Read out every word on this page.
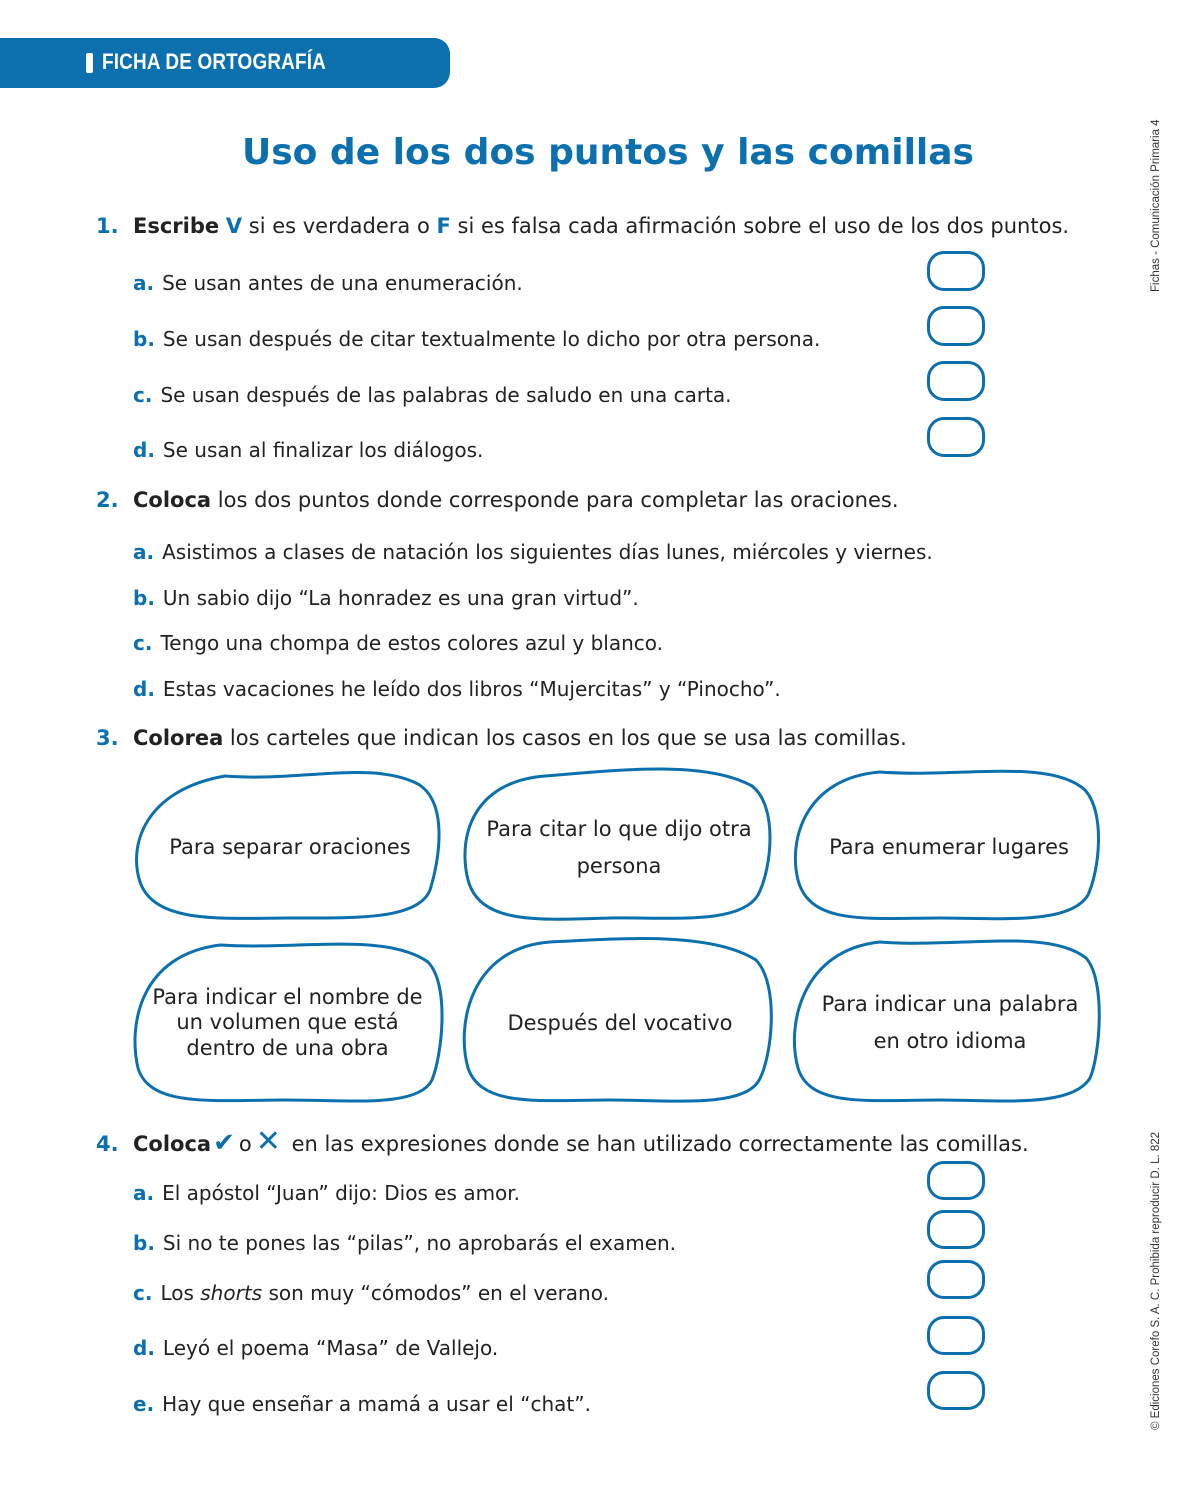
FICHA DE ORTOGRAFÍA
Uso de los dos puntos y las comillas	Fichas - Comunicación Primaria 4
© Ediciones Corefo S. A. C. Prohibida reproducir D. L. 822
1. Escribe V si es verdadera o F si es falsa cada afirmación sobre el uso de los dos puntos.
a. Se usan antes de una enumeración.
b. Se usan después de citar textualmente lo dicho por otra persona.
c. Se usan después de las palabras de saludo en una carta.
d. Se usan al finalizar los diálogos.
2. Coloca los dos puntos donde corresponde para completar las oraciones.
a. Asistimos a clases de natación los siguientes días lunes, miércoles y viernes.
b. Un sabio dijo “La honradez es una gran virtud”.
c. Tengo una chompa de estos colores azul y blanco.
d. Estas vacaciones he leído dos libros “Mujercitas” y “Pinocho”.
3. Colorea los carteles que indican los casos en los que se usa las comillas.
Para separar oraciones
Para citar lo que dijo otra persona
Para enumerar lugares
Para indicar el nombre de un volumen que está dentro de una obra
Después del vocativo
Para indicar una palabra en otro idioma
4. Coloca✔ o ✕ en las expresiones donde se han utilizado correctamente las comillas.
a. El apóstol “Juan” dijo: Dios es amor.
b. Si no te pones las “pilas”, no aprobarás el examen.
c. Los shorts son muy “cómodos” en el verano.
d. Leyó el poema “Masa” de Vallejo.
e. Hay que enseñar a mamá a usar el “chat”.
